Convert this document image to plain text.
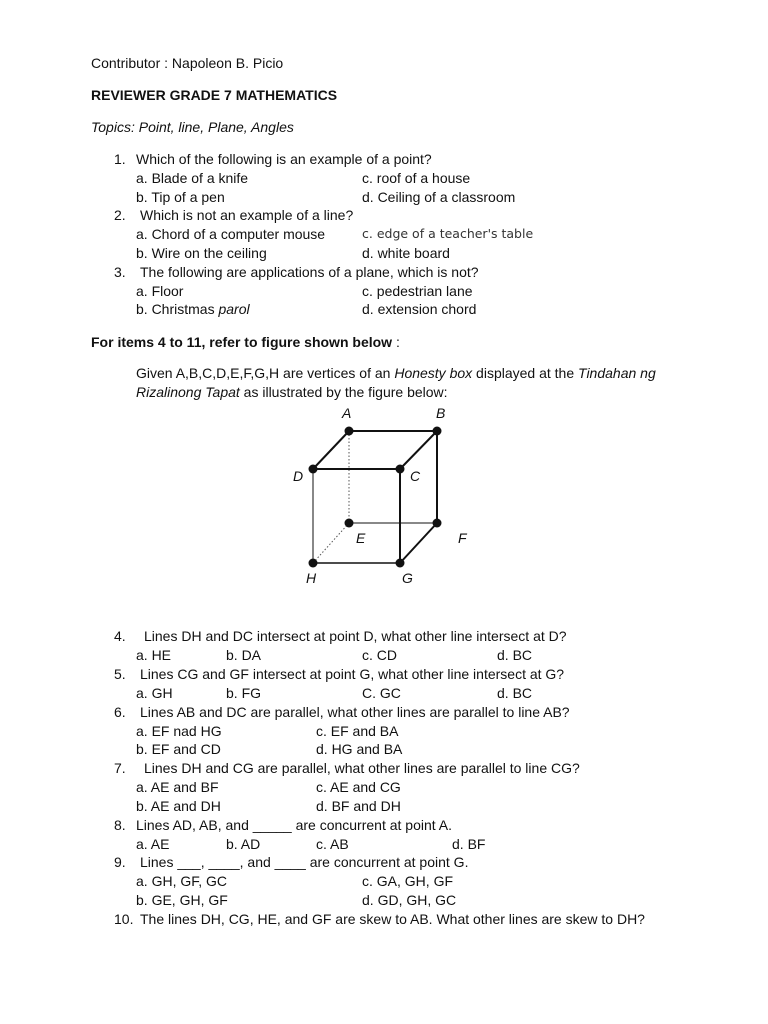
Contributor : Napoleon B. Picio
REVIEWER GRADE 7 MATHEMATICS
Topics: Point, line, Plane, Angles
1. Which of the following is an example of a point?
a. Blade of a knife	c. roof of a house
b. Tip of a pen	d. Ceiling of a classroom
2. Which is not an example of a line?
a. Chord of a computer mouse	c. edge of a teacher's table
b. Wire on the ceiling	d. white board
3. The following are applications of a plane, which is not?
a. Floor	c. pedestrian lane
b. Christmas parol	d. extension chord
For items 4 to 11, refer to figure shown below :
Given A,B,C,D,E,F,G,H are vertices of an Honesty box displayed at the Tindahan ng
Rizalinong Tapat as illustrated by the figure below:
A	B
D	C
E	F
H	G
4. Lines DH and DC intersect at point D, what other line intersect at D?
a. HE	b. DA	c. CD	d. BC
5. Lines CG and GF intersect at point G, what other line intersect at G?
a. GH	b. FG	C. GC	d. BC
6. Lines AB and DC are parallel, what other lines are parallel to line AB?
a. EF nad HG	c. EF and BA
b. EF and CD	d. HG and BA
7. Lines DH and CG are parallel, what other lines are parallel to line CG?
a. AE and BF	c. AE and CG
b. AE and DH	d. BF and DH
8. Lines AD, AB, and _____ are concurrent at point A.
a. AE	b. AD	c. AB	d. BF
9. Lines ___, ____, and ____ are concurrent at point G.
a. GH, GF, GC	c. GA, GH, GF
b. GE, GH, GF	d. GD, GH, GC
10. The lines DH, CG, HE, and GF are skew to AB. What other lines are skew to DH?
